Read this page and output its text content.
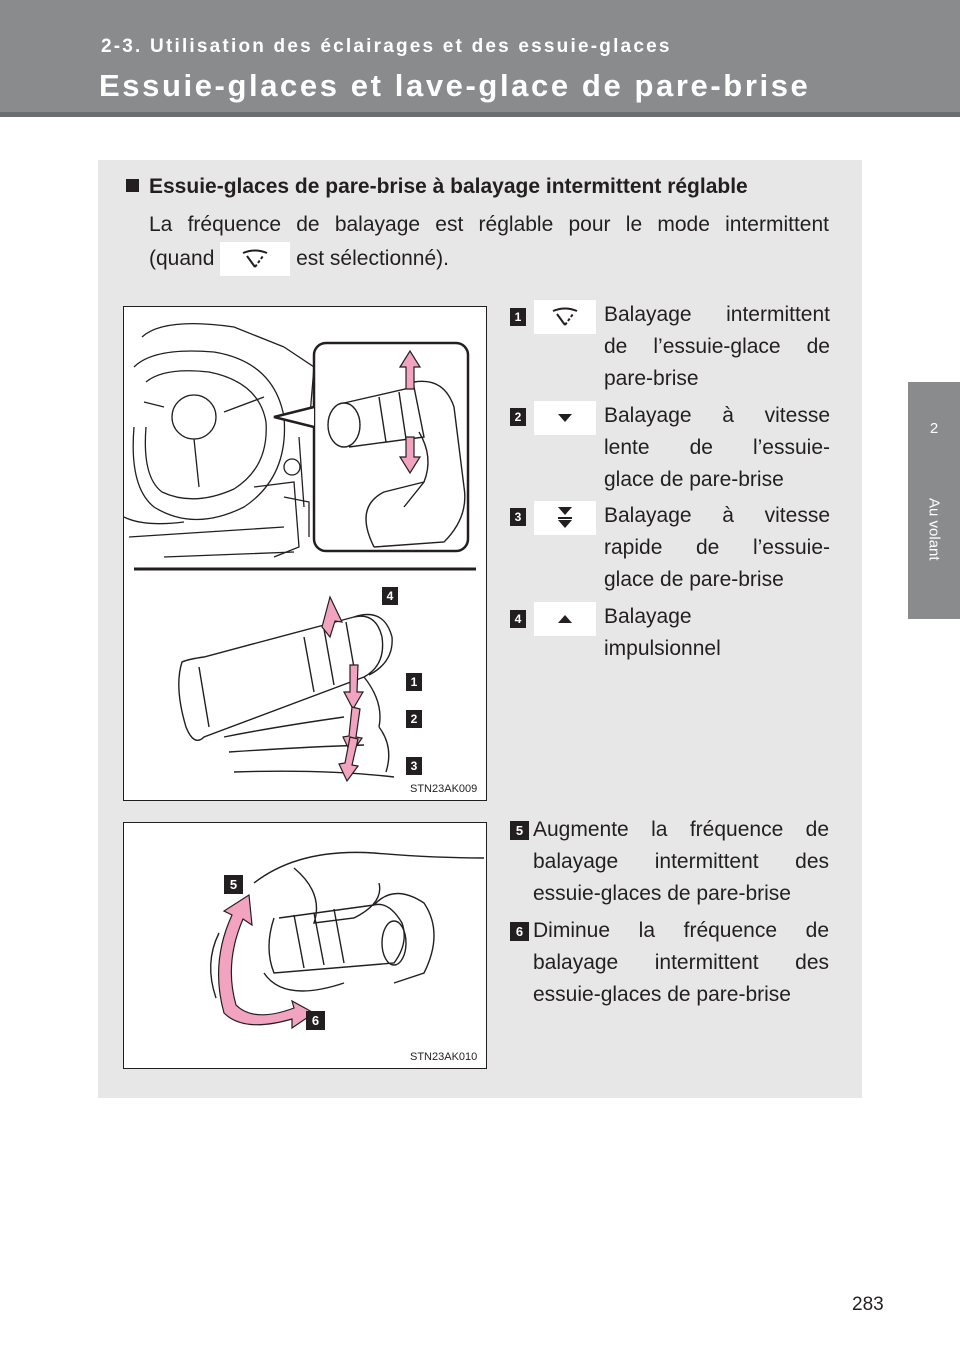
2-3. Utilisation des éclairages et des essuie-glaces
Essuie-glaces et lave-glace de pare-brise
2
Au volant
Essuie-glaces de pare-brise à balayage intermittent réglable
La fréquence de balayage est réglable pour le mode intermittent
(quand	est sélectionné).
4
1
2
3
STN23AK009
5
6
STN23AK010
1	Balayage intermittent
de l’essuie-glace de
pare-brise
2	Balayage à vitesse
lente de l’essuie-
glace de pare-brise
3	Balayage à vitesse
rapide de l’essuie-
glace de pare-brise
4	Balayage
impulsionnel
5 Augmente la fréquence de
balayage intermittent des
essuie-glaces de pare-brise
6 Diminue la fréquence de
balayage intermittent des
essuie-glaces de pare-brise
283
